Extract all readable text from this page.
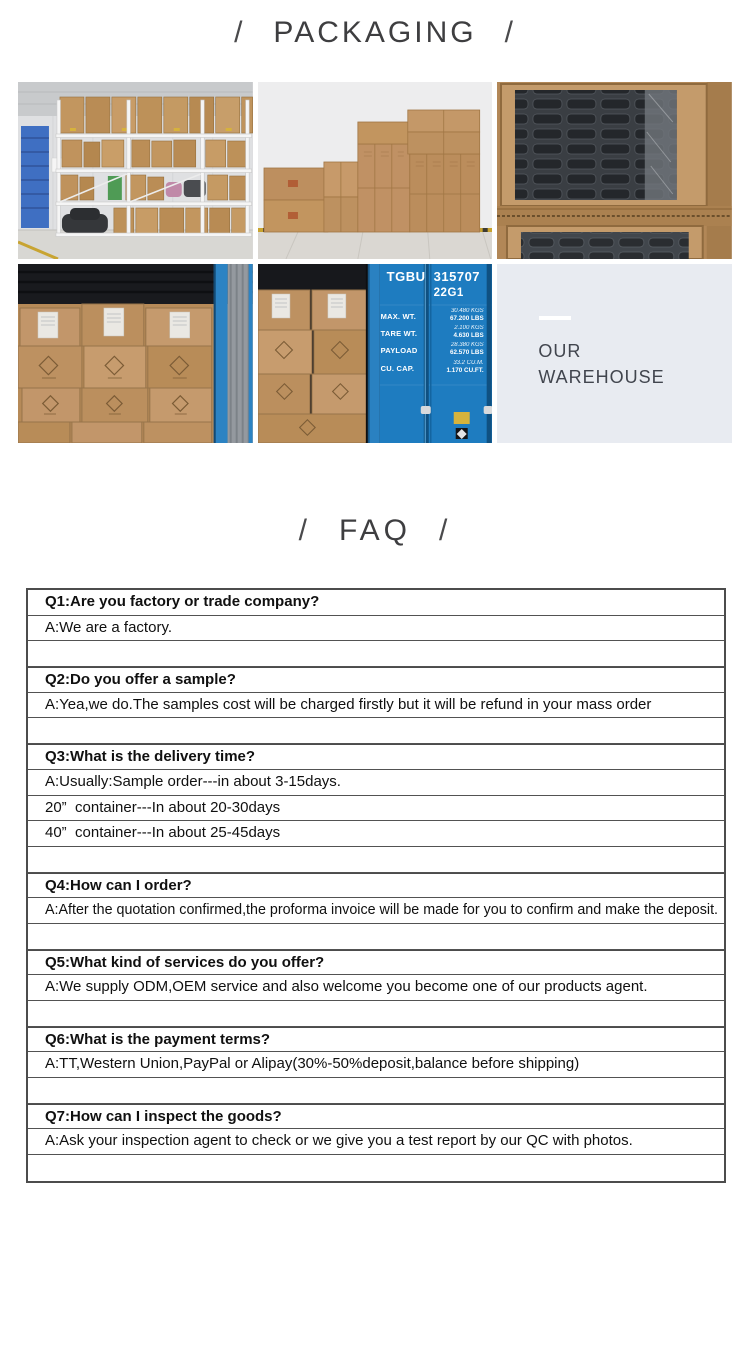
/ PACKAGING /
TGBU 315707
22G1
MAX. WT.
30.480 KGS
67.200 LBS
TARE WT.
2.100 KGS
4.630 LBS
PAYLOAD
28.380 KGS
62.570 LBS
CU. CAP.
33.2 CU.M.
1.170 CU.FT.
OUR
WAREHOUSE
/ FAQ /
Q1:Are you factory or trade company?
A:We are a factory.
Q2:Do you offer a sample?
A:Yea,we do.The samples cost will be charged firstly but it will be refund in your mass order
Q3:What is the delivery time?
A:Usually:Sample order---in about 3-15days.
20”  container---In about 20-30days
40”  container---In about 25-45days
Q4:How can I order?
A:After the quotation confirmed,the proforma invoice will be made for you to confirm and make the deposit.
Q5:What kind of services do you offer?
A:We supply ODM,OEM service and also welcome you become one of our products agent.
Q6:What is the payment terms?
A:TT,Western Union,PayPal or Alipay(30%-50%deposit,balance before shipping)
Q7:How can I inspect the goods?
A:Ask your inspection agent to check or we give you a test report by our QC with photos.
